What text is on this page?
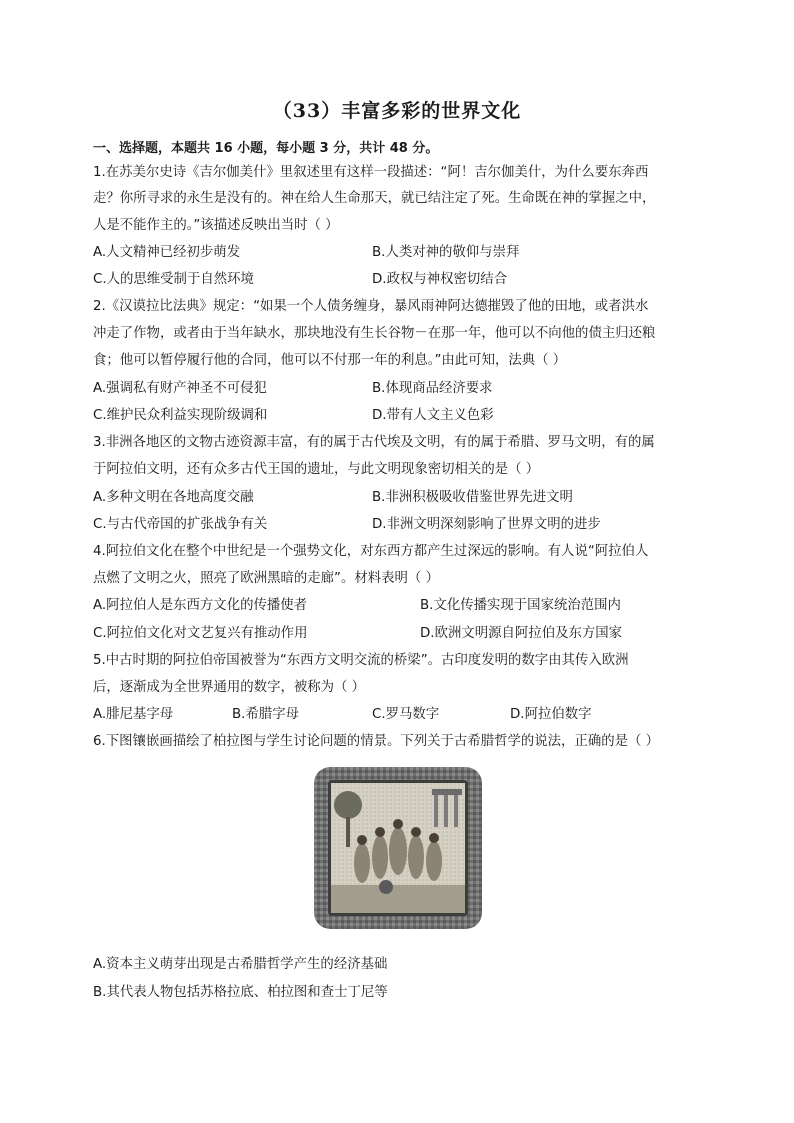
（33）丰富多彩的世界文化
一、选择题，本题共 16 小题，每小题 3 分，共计 48 分。
1.在苏美尔史诗《吉尔伽美什》里叙述里有这样一段描述：“阿！吉尔伽美什，为什么要东奔西
走？你所寻求的永生是没有的。神在给人生命那天，就已结注定了死。生命既在神的掌握之中，
人是不能作主的。”该描述反映出当时（ ）
A.人文精神已经初步萌发	B.人类对神的敬仰与崇拜
C.人的思维受制于自然环境	D.政权与神权密切结合
2.《汉谟拉比法典》规定：“如果一个人债务缠身，暴风雨神阿达德摧毁了他的田地，或者洪水
冲走了作物，或者由于当年缺水，那块地没有生长谷物－在那一年，他可以不向他的债主归还粮
食；他可以暂停履行他的合同，他可以不付那一年的利息。”由此可知，法典（ ）
A.强调私有财产神圣不可侵犯	B.体现商品经济要求
C.维护民众利益实现阶级调和	D.带有人文主义色彩
3.非洲各地区的文物古迹资源丰富，有的属于古代埃及文明，有的属于希腊、罗马文明，有的属
于阿拉伯文明，还有众多古代王国的遗址，与此文明现象密切相关的是（ ）
A.多种文明在各地高度交融	B.非洲积极吸收借鉴世界先进文明
C.与古代帝国的扩张战争有关	D.非洲文明深刻影响了世界文明的进步
4.阿拉伯文化在整个中世纪是一个强势文化，对东西方都产生过深远的影响。有人说“阿拉伯人
点燃了文明之火，照亮了欧洲黑暗的走廊”。材料表明（ ）
A.阿拉伯人是东西方文化的传播使者	B.文化传播实现于国家统治范围内
C.阿拉伯文化对文艺复兴有推动作用	D.欧洲文明源自阿拉伯及东方国家
5.中古时期的阿拉伯帝国被誉为“东西方文明交流的桥梁”。古印度发明的数字由其传入欧洲
后，逐渐成为全世界通用的数字，被称为（ ）
A.腓尼基字母	B.希腊字母	C.罗马数字	D.阿拉伯数字
6.下图镶嵌画描绘了柏拉图与学生讨论问题的情景。下列关于古希腊哲学的说法，正确的是（ ）
A.资本主义萌芽出现是古希腊哲学产生的经济基础
B.其代表人物包括苏格拉底、柏拉图和查士丁尼等
